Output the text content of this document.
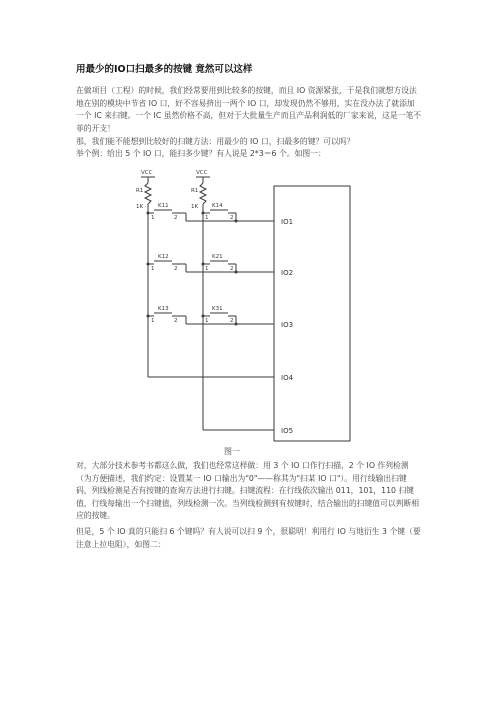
用最少的IO口扫最多的按键 竟然可以这样
在做项目（工程）的时候，我们经常要用到比较多的按键，而且 IO 资源紧张，于是我们就想方设法地在别的模块中节省 IO 口，好不容易挤出一两个 IO 口，却发现仍然不够用，实在没办法了就添加一个 IC 来扫键。一个 IC 虽然价格不高，但对于大批量生产而且产品利润低的厂家来说，这是一笔不菲的开支！
那，我们能不能想到比较好的扫键方法：用最少的 IO 口，扫最多的键？可以吗？
举个例：给出 5 个 IO 口，能扫多少键？有人说是 2*3＝6 个。如图一：
VCC	VCC
R1
1K
R1
1K
K11	K14
K12	K21
K13	K31
1	2	1	2
1	2	1	2
1	2	1	2
IO1
IO2
IO3
IO4
IO5
图一
对，大部分技术参考书都这么做，我们也经常这样做：用 3 个 IO 口作行扫描，2 个 IO 作列检测（为方便描述，我们约定：设置某一 IO 口输出为"0"——称其为"扫某 IO 口"）。用行线输出扫键码，列线检测是否有按键的查询方法进行扫键。扫键流程：在行线依次输出 011，101，110 扫键值，行线每输出一个扫键值，列线检测一次。当列线检测到有按键时，结合输出的扫键值可以判断相应的按键。
但是，5 个 IO 真的只能扫 6 个键吗？有人说可以扫 9 个，很聪明！利用行 IO 与地衍生 3 个键（要注意上拉电阻），如图二：
